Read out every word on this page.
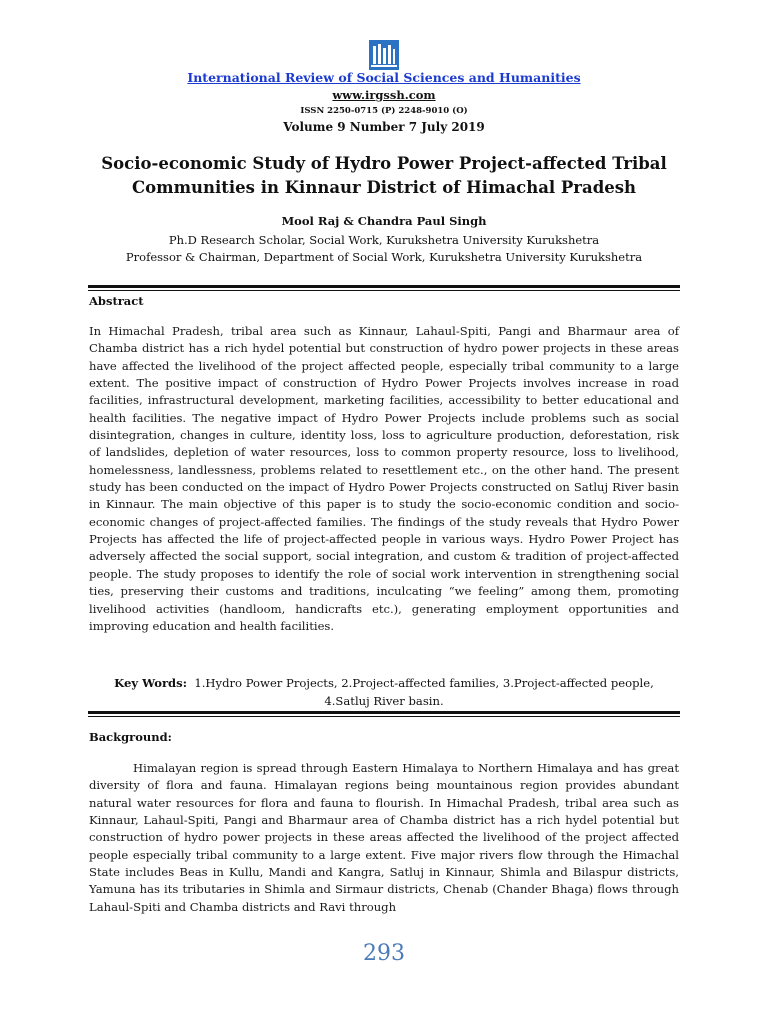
International Review of Social Sciences and Humanities
www.irgssh.com
ISSN 2250-0715 (P) 2248-9010 (O)
Volume 9 Number 7 July 2019
Socio-economic Study of Hydro Power Project-affected Tribal
Communities in Kinnaur District of Himachal Pradesh
Mool Raj & Chandra Paul Singh
Ph.D Research Scholar, Social Work, Kurukshetra University Kurukshetra
Professor & Chairman, Department of Social Work, Kurukshetra University Kurukshetra
Abstract
In Himachal Pradesh, tribal area such as Kinnaur, Lahaul-Spiti, Pangi and Bharmaur area of Chamba district has a rich hydel potential but construction of hydro power projects in these areas have affected the livelihood of the project affected people, especially tribal community to a large extent. The positive impact of construction of Hydro Power Projects involves increase in road facilities, infrastructural development, marketing facilities, accessibility to better educational and health facilities. The negative impact of Hydro Power Projects include problems such as social disintegration, changes in culture, identity loss, loss to agriculture production, deforestation, risk of landslides, depletion of water resources, loss to common property resource, loss to livelihood, homelessness, landlessness, problems related to resettlement etc., on the other hand. The present study has been conducted on the impact of Hydro Power Projects constructed on Satluj River basin in Kinnaur. The main objective of this paper is to study the socio-economic condition and socio-economic changes of project-affected families. The findings of the study reveals that Hydro Power Projects has affected the life of project-affected people in various ways. Hydro Power Project has adversely affected the social support, social integration, and custom & tradition of project-affected people. The study proposes to identify the role of social work intervention in strengthening social ties, preserving their customs and traditions, inculcating “we feeling” among them, promoting livelihood activities (handloom, handicrafts etc.), generating employment opportunities and improving education and health facilities.
Key Words: 1.Hydro Power Projects, 2.Project-affected families, 3.Project-affected people,
4.Satluj River basin.
Background:
Himalayan region is spread through Eastern Himalaya to Northern Himalaya and has great diversity of flora and fauna. Himalayan regions being mountainous region provides abundant natural water resources for flora and fauna to flourish. In Himachal Pradesh, tribal area such as Kinnaur, Lahaul-Spiti, Pangi and Bharmaur area of Chamba district has a rich hydel potential but construction of hydro power projects in these areas affected the livelihood of the project affected people especially tribal community to a large extent. Five major rivers flow through the Himachal State includes Beas in Kullu, Mandi and Kangra, Satluj in Kinnaur, Shimla and Bilaspur districts, Yamuna has its tributaries in Shimla and Sirmaur districts, Chenab (Chander Bhaga) flows through Lahaul-Spiti and Chamba districts and Ravi through
293
